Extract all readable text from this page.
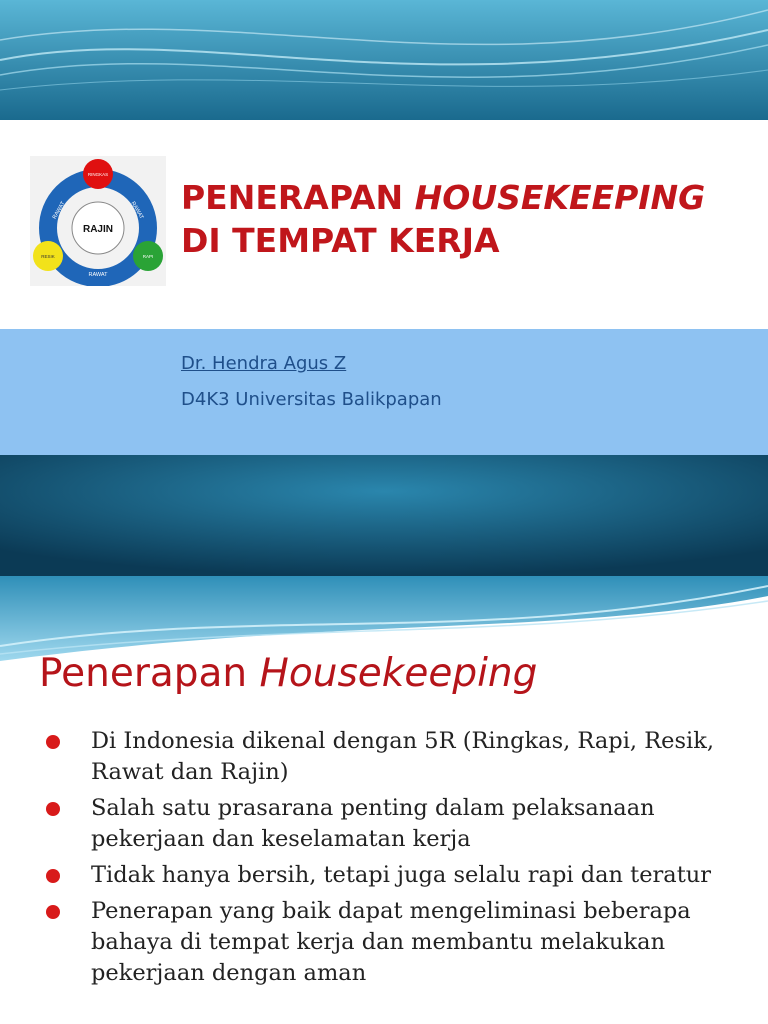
RAJIN
RINGKAS
RESIK	RAPI
RAWAT	RAWAT
RAWAT
PENERAPAN HOUSEKEEPING
DI TEMPAT KERJA
Dr. Hendra Agus Z
D4K3 Universitas Balikpapan
Penerapan Housekeeping
Di Indonesia dikenal dengan 5R (Ringkas, Rapi, Resik, Rawat dan Rajin)
Salah satu prasarana penting dalam pelaksanaan pekerjaan dan keselamatan kerja
Tidak hanya bersih, tetapi juga selalu rapi dan teratur
Penerapan yang baik dapat mengeliminasi beberapa bahaya di tempat kerja dan membantu melakukan pekerjaan dengan aman
